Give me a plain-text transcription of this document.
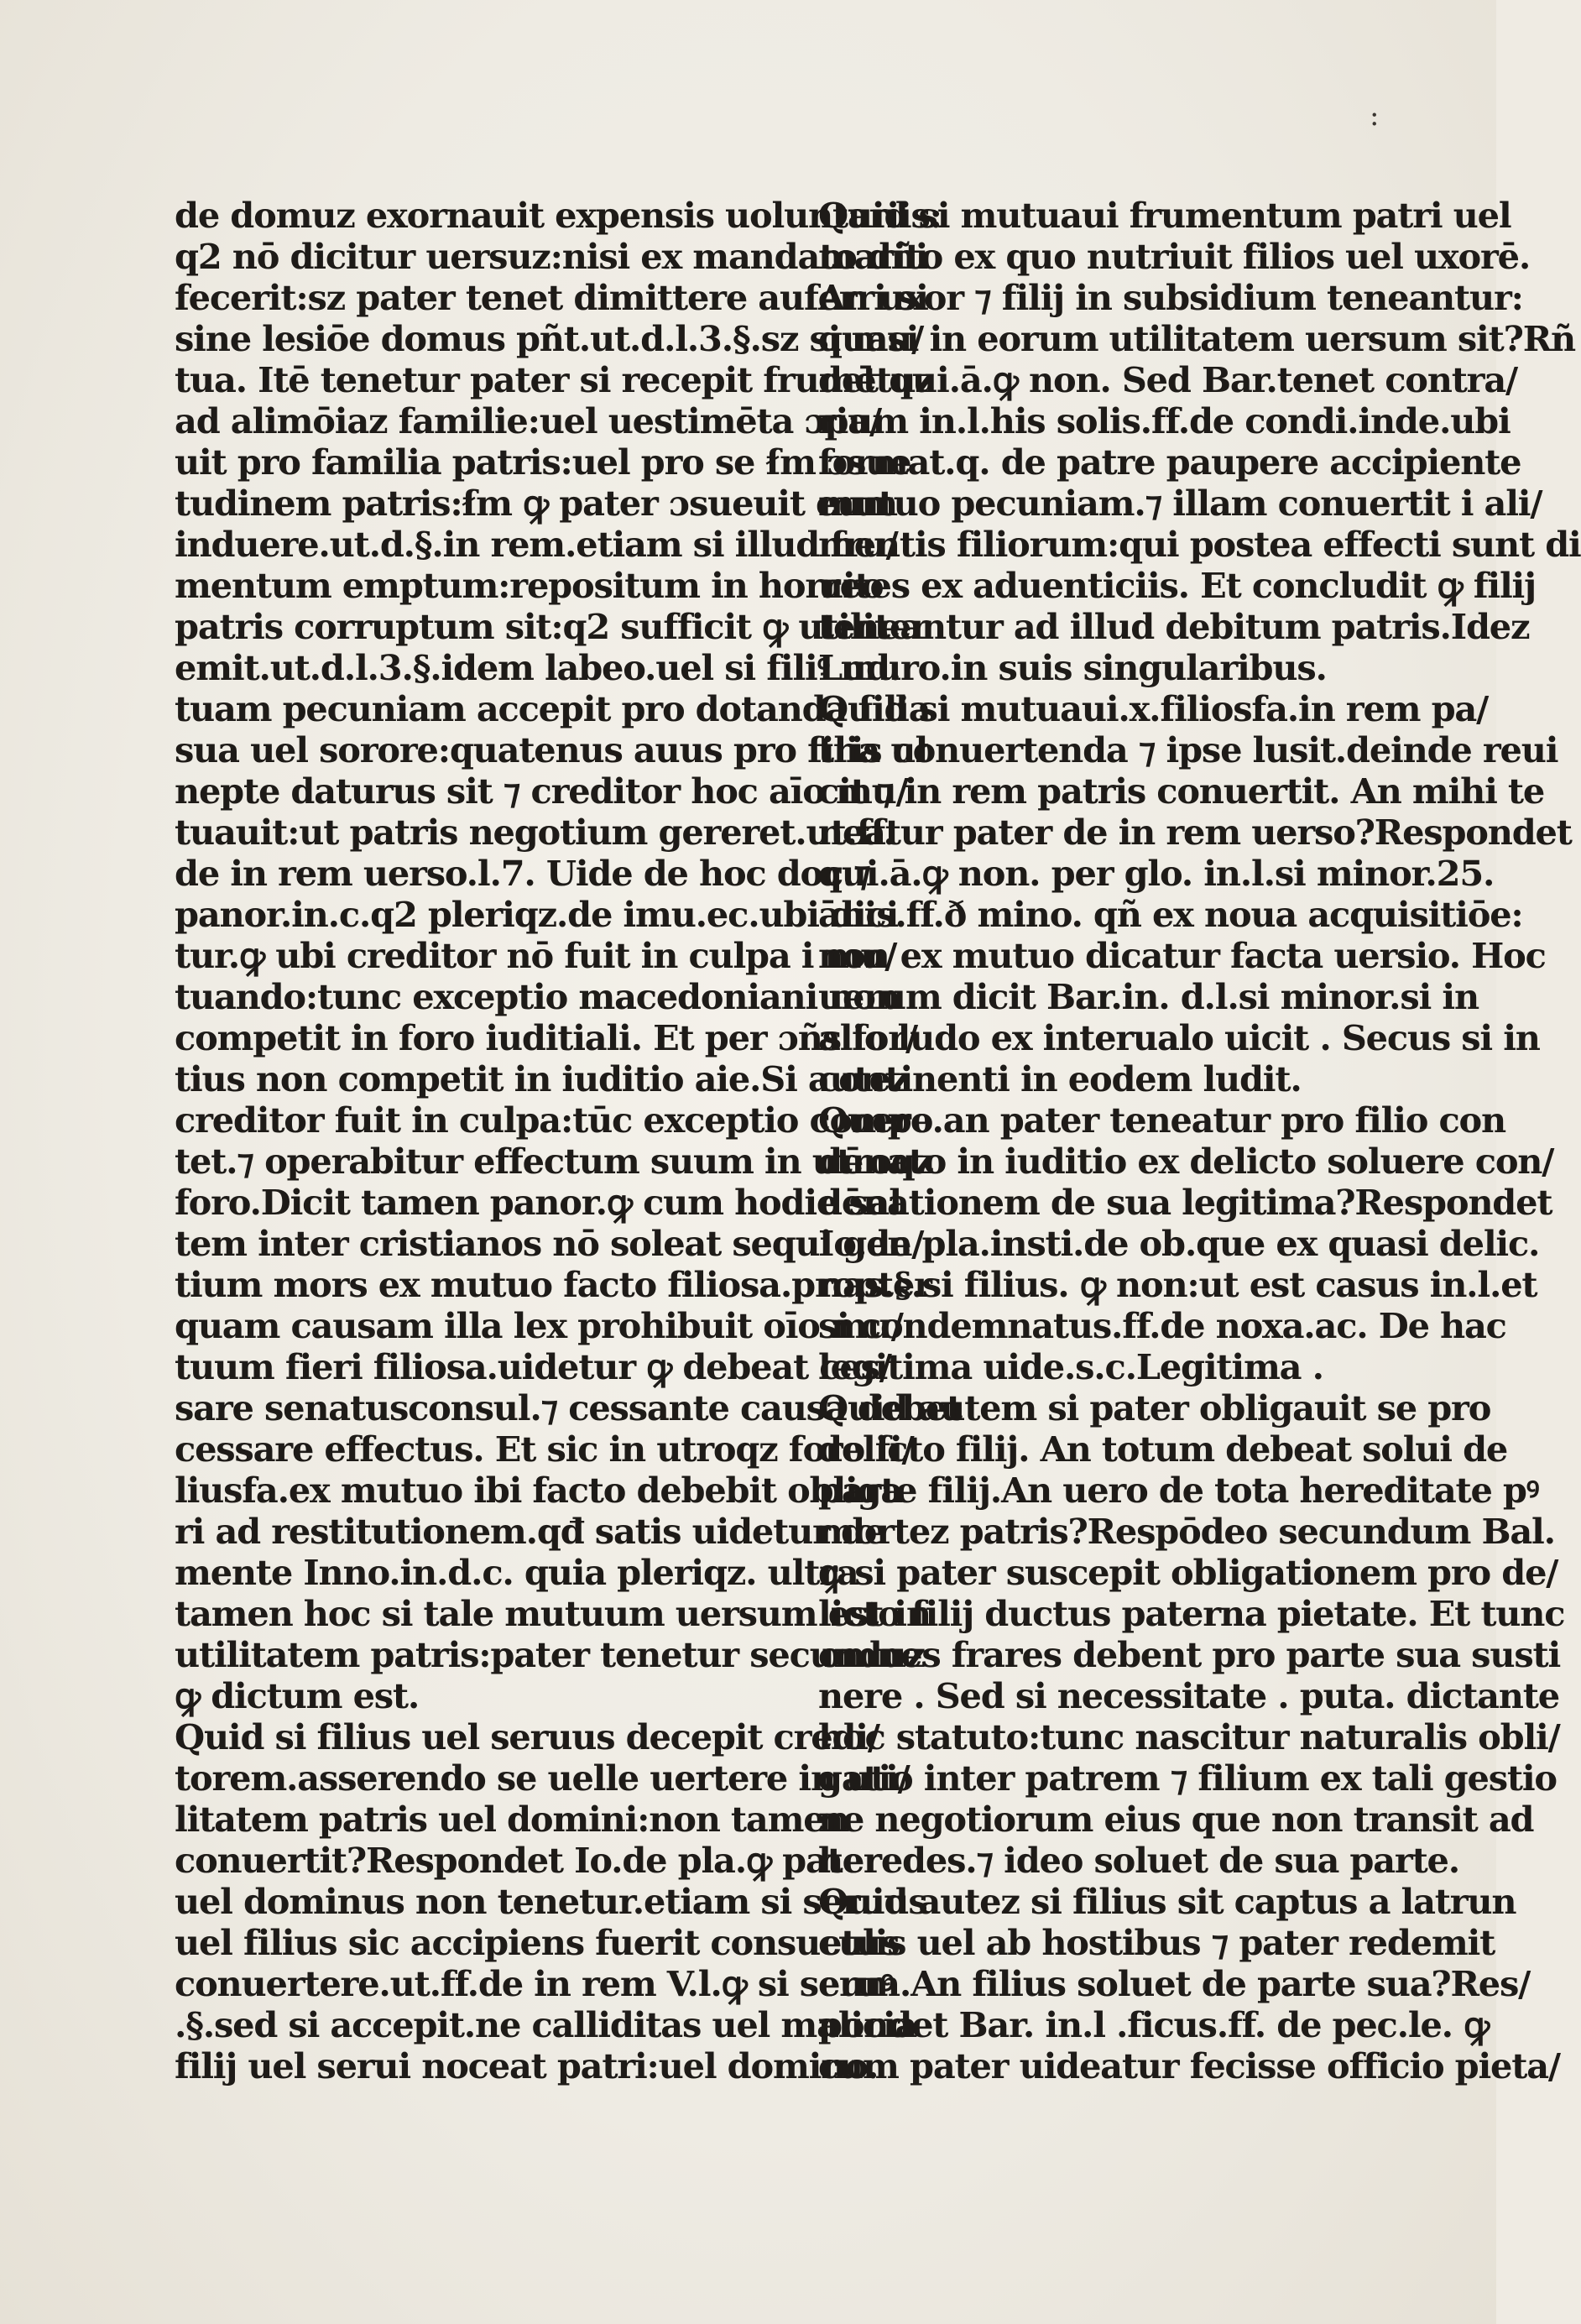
:
de domuz exornauit expensis uoluntariis:
q2 nō dicitur uersuz:nisi ex mandato dñi
fecerit:sz pater tenet dimittere auferri si
sine lesiōe domus pñt.ut.d.l.3.§.sz si mu/
tua. Itē tenetur pater si recepit frumētuz
ad alimōiaz familie:uel uestimēta ɔpa/
uit pro familia patris:uel pro se ẜm ɔsue
tudinem patris:ẜm ꝙ pater ɔsueuit eum
induere.ut.d.§.in rem.etiam si illud fru/
mentum emptum:repositum in horreo
patris corruptum sit:q2 sufficit ꝙ utiliter
emit.ut.d.l.3.§.idem labeo.uel si filiꝰ mu
tuam pecuniam accepit pro dotanda filia
sua uel sorore:quatenus auus pro filia uł
nepte daturus sit ⁊ creditor hoc aīo mu/
tuauit:ut patris negotium gereret.ut.ff.
de in rem uerso.l.7. Uide de hoc doc.⁊
panor.in.c.q2 pleriqz.de imu.ec.ubi dici
tur.ꝙ ubi creditor nō fuit in culpa i mu/
tuando:tunc exceptio macedoniani non
competit in foro iuditiali. Et per ɔñs for/
tius non competit in iuditio aie.Si autez
creditor fuit in culpa:tūc exceptio compe
tet.⁊ operabitur effectum suum in utroqz
foro.Dicit tamen panor.ꝙ cum hodie sal
tem inter cristianos nō soleat sequi gen/
tium mors ex mutuo facto filiosa.propter
quam causam illa lex prohibuit oīo mu/
tuum fieri filiosa.uidetur ꝙ debeat ces/
sare senatusconsul.⁊ cessante causa debet
cessare effectus. Et sic in utroqz foro fi/
liusfa.ex mutuo ibi facto debebit obliga
ri ad restitutionem.qđ satis uidetur de
mente Inno.in.d.c. quia pleriqz. ultra
tamen hoc si tale mutuum uersum est in
utilitatem patris:pater tenetur secunduz
ꝙ dictum est.
Quid si filius uel seruus decepit credi/
torem.asserendo se uelle uertere in uti/
litatem patris uel domini:non tamen
conuertit?Respondet Io.de pla.ꝙ pater
uel dominus non tenetur.etiam si seruus
uel filius sic accipiens fuerit consuetus
conuertere.ut.ff.de in rem V.l.ꝙ si seruꝰ
.§.sed si accepit.ne calliditas uel malicia
filij uel serui noceat patri:uel domino.
Quid si mutuaui frumentum patri uel
marito ex quo nutriuit filios uel uxorē.
An uxor ⁊ filij in subsidium teneantur:
quasi in eorum utilitatem uersum sit?Rñ
det qui.ā.ꝙ non. Sed Bar.tenet contra/
rium in.l.his solis.ff.de condi.inde.ubi
format.q. de patre paupere accipiente
mutuo pecuniam.⁊ illam conuertit i ali/
mentis filiorum:qui postea effecti sunt di
uites ex aduenticiis. Et concludit ꝙ filij
teneantur ad illud debitum patris.Idez
Lud.ro.in suis singularibus.
Quid si mutuaui.x.filiosfa.in rem pa/
tris conuertenda ⁊ ipse lusit.deinde reui
cit ⁊ in rem patris conuertit. An mihi te
neatur pater de in rem uerso?Respondet
qui.ā.ꝙ non. per glo. in.l.si minor.25.
ānis.ff.ð mino. qñ ex noua acquisitiōe:
non ex mutuo dicatur facta uersio. Hoc
uerum dicit Bar.in. d.l.si minor.si in
alio ludo ex interualo uicit . Secus si in
continenti in eodem ludit.
Quero.an pater teneatur pro filio con
dēnato in iuditio ex delicto soluere con/
dēnationem de sua legitima?Respondet
Io.de pla.insti.de ob.que ex quasi delic.
nas.§.si filius. ꝙ non:ut est casus in.l.et
si condemnatus.ff.de noxa.ac. De hac
legitima uide.s.c.Legitima .
Quid autem si pater obligauit se pro
delicto filij. An totum debeat solui de
parte filij.An uero de tota hereditate pꝰ
mortez patris?Respōdeo secundum Bal.
ꝙ si pater suscepit obligationem pro de/
licto filij ductus paterna pietate. Et tunc
omnes frares debent pro parte sua susti
nere . Sed si necessitate . puta. dictante
hoc statuto:tunc nascitur naturalis obli/
gatio inter patrem ⁊ filium ex tali gestio
ne negotiorum eius que non transit ad
heredes.⁊ ideo soluet de sua parte.
Quid autez si filius sit captus a latrun
culis uel ab hostibus ⁊ pater redemit
eum.An filius soluet de parte sua?Res/
pondet Bar. in.l .ficus.ff. de pec.le. ꝙ
cum pater uideatur fecisse officio pieta/
